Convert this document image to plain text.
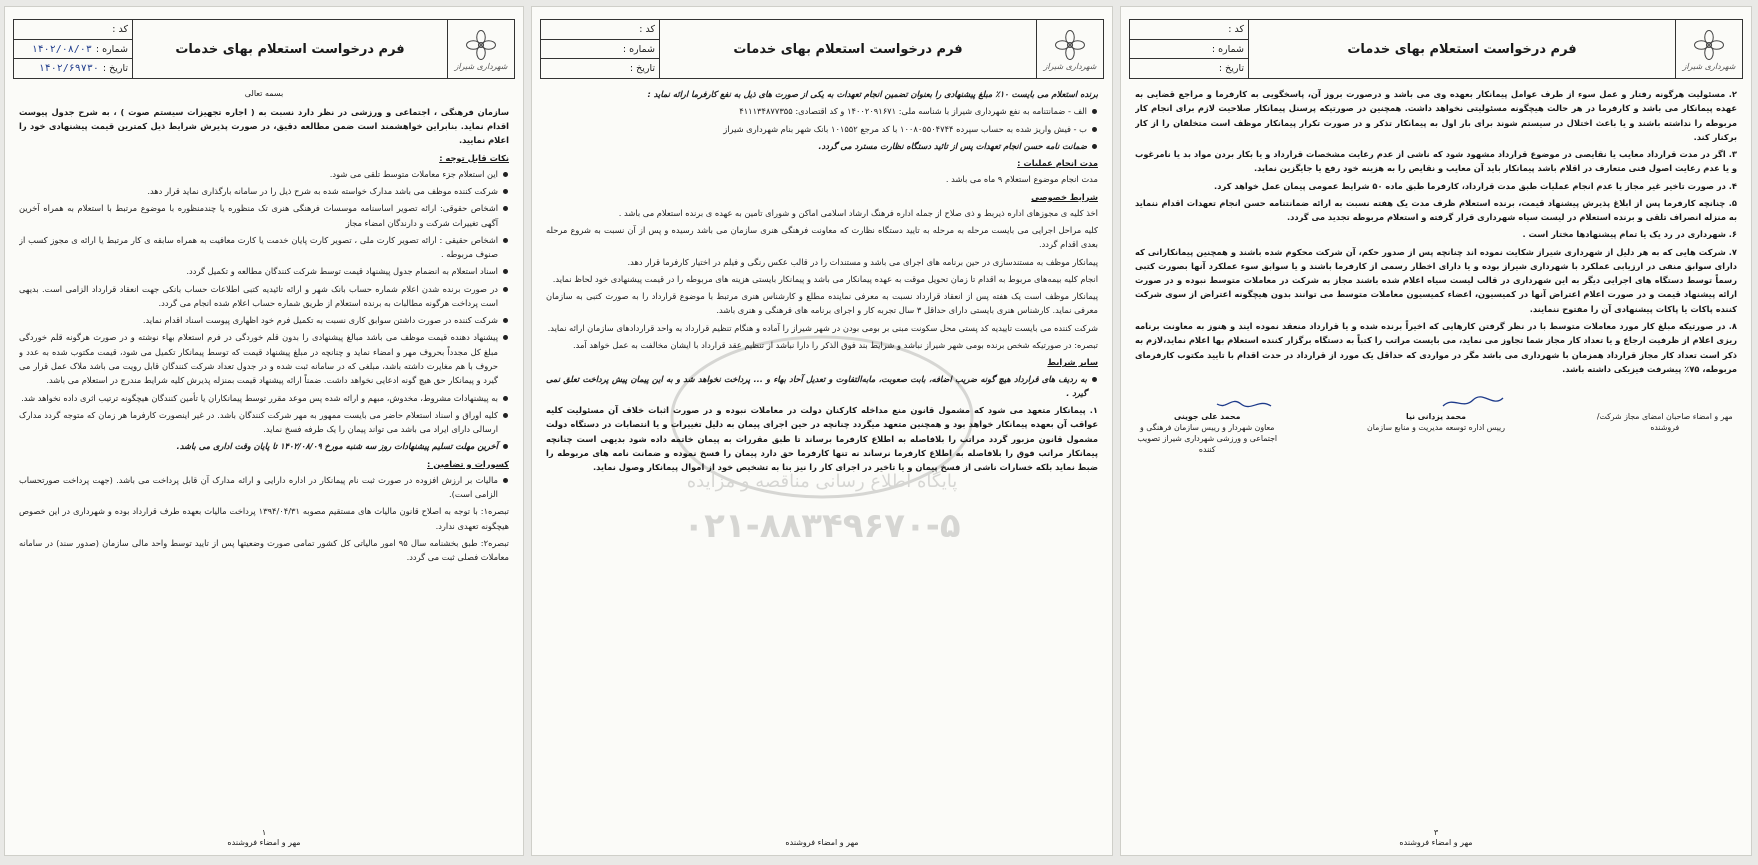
شهرداری شیراز
فرم درخواست استعلام بهای خدمات
کد :
شماره :
۱۴۰۲/۰۸/۰۳
تاریخ :
۱۴۰۲/۶۹۷۳۰
بسمه تعالی

سازمان فرهنگی ، اجتماعی و ورزشی در نظر دارد نسبت به ( اجاره تجهیزات سیستم صوت ) ، به شرح جدول پیوست اقدام نماید. بنابراین خواهشمند است ضمن مطالعه دقیق، در صورت پذیرش شرایط ذیل کمترین قیمت پیشنهادی خود را اعلام نمایید.

نکات قابل توجه :
این استعلام جزء معاملات متوسط تلقی می شود.
شرکت کننده موظف می باشد مدارک خواسته شده به شرح ذیل را در سامانه بارگذاری نماید قرار دهد.
اشخاص حقوقی: ارائه تصویر اساسنامه موسسات فرهنگی هنری تک منظوره یا چندمنظوره با موضوع مرتبط با استعلام به همراه آخرین آگهی تغییرات شرکت و دارندگان امضاء مجاز
اشخاص حقیقی : ارائه تصویر کارت ملی ، تصویر کارت پایان خدمت یا کارت معافیت به همراه سابقه ی کار مرتبط یا ارائه ی مجوز کسب از صنوف مربوطه .
اسناد استعلام به انضمام جدول پیشنهاد قیمت توسط شرکت کنندگان مطالعه و تکمیل گردد.
در صورت برنده شدن اعلام شماره حساب بانک شهر و ارائه تائیدیه کتبی اطلاعات حساب بانکی جهت انعقاد قرارداد الزامی است. بدیهی است پرداخت هرگونه مطالبات به برنده استعلام از طریق شماره حساب اعلام شده انجام می گردد.
شرکت کننده در صورت داشتن سوابق کاری نسبت به تکمیل فرم خود اظهاری پیوست اسناد اقدام نماید.
پیشنهاد دهنده قیمت موظف می باشد مبالغ پیشنهادی را بدون قلم خوردگی در فرم استعلام بهاء نوشته و در صورت هرگونه قلم خوردگی مبلغ کل مجدداً بحروف مهر و امضاء نماید و چنانچه در مبلغ پیشنهاد قیمت که توسط پیمانکار تکمیل می شود، قیمت مکتوب شده به عدد و حروف با هم مغایرت داشته باشد، مبلغی که در سامانه ثبت شده و در جدول تعداد شرکت کنندگان قابل رویت می باشد ملاک عمل قرار می گیرد و پیمانکار حق هیچ گونه ادعایی نخواهد داشت. ضمناً ارائه پیشنهاد قیمت بمنزله پذیرش کلیه شرایط مندرج در استعلام می باشد.
به پیشنهادات مشروط، مخدوش، مبهم و ارائه شده پس موعد مقرر توسط پیمانکاران یا تأمین کنندگان هیچگونه ترتیب اثری داده نخواهد شد.
کلیه اوراق و اسناد استعلام حاضر می بایست ممهور به مهر شرکت کنندگان باشد. در غیر اینصورت کارفرما هر زمان که متوجه گردد مدارک ارسالی دارای ایراد می باشد می تواند پیمان را یک طرفه فسخ نماید.
آخرین مهلت تسلیم پیشنهادات روز سه شنبه مورخ ۱۴۰۲/۰۸/۰۹ تا پایان وقت اداری می باشد.
کسورات و تضامین :
مالیات بر ارزش افزوده در صورت ثبت نام پیمانکار در اداره دارایی و ارائه مدارک آن قابل پرداخت می باشد. (جهت پرداخت صورتحساب الزامی است).

تبصره۱: با توجه به اصلاح قانون مالیات های مستقیم مصوبه ۱۳۹۴/۰۴/۳۱ پرداخت مالیات بعهده طرف قرارداد بوده و شهرداری در این خصوص هیچگونه تعهدی ندارد.

تبصره۲: طبق بخشنامه سال ۹۵ امور مالیاتی کل کشور تمامی صورت وضعیتها پس از تایید توسط واحد مالی سازمان (صدور سند) در سامانه معاملات فصلی ثبت می گردد.

۱
مهر و امضاء فروشنده
شهرداری شیراز
فرم درخواست استعلام بهای خدمات
کد :
شماره :
تاریخ :
۰۲۱-۸۸۳۴۹۶۷۰-۵
پایگاه اطلاع رسانی مناقصه و مزایده

برنده استعلام می بایست ۱۰٪ مبلغ پیشنهادی را بعنوان تضمین انجام تعهدات به یکی از صورت های ذیل به نفع کارفرما ارائه نماید :

الف - ضمانتنامه به نفع شهرداری شیراز با شناسه ملی: ۱۴۰۰۲۰۹۱۶۷۱ و کد اقتصادی: ۴۱۱۱۳۴۸۷۷۳۵۵
ب - فیش واریز شده به حساب سپرده ۱۰۰۸۰۵۵۰۴۷۴۴ با کد مرجع ۱۰۱۵۵۲ بانک شهر بنام شهرداری شیراز
ضمانت نامه حسن انجام تعهدات پس از تائید دستگاه نظارت مسترد می گردد.
مدت انجام عملیات :

مدت انجام موضوع استعلام ۹ ماه می باشد .

شرایط خصوصی

اخذ کلیه ی مجوزهای اداره ذیربط و ذی صلاح از جمله اداره فرهنگ ارشاد اسلامی اماکن و شورای تامین به عهده ی برنده استعلام می باشد .

کلیه مراحل اجرایی می بایست مرحله به مرحله به تایید دستگاه نظارت که معاونت فرهنگی هنری سازمان می باشد رسیده و پس از آن نسبت به شروع مرحله بعدی اقدام گردد.

پیمانکار موظف به مستندسازی در حین برنامه های اجرای می باشد و مستندات را در قالب عکس رنگی و فیلم در اختیار کارفرما قرار دهد.

انجام کلیه بیمه‌های مربوط به اقدام تا زمان تحویل موقت به عهده پیمانکار می باشد و پیمانکار بایستی هزینه های مربوطه را در قیمت پیشنهادی خود لحاظ نماید.

پیمانکار موظف است یک هفته پس از انعقاد قرارداد نسبت به معرفی نماینده مطلع و کارشناس هنری مرتبط با موضوع قرارداد را به صورت کتبی به سازمان معرفی نماید. کارشناس هنری بایستی دارای حداقل ۳ سال تجربه کار و اجرای برنامه های فرهنگی و هنری باشد.

شرکت کننده می بایست تاییدیه کد پستی محل سکونت مبنی بر بومی بودن در شهر شیراز را آماده و هنگام تنظیم قرارداد به واحد قراردادهای سازمان ارائه نماید.

تبصره: در صورتیکه شخص برنده بومی شهر شیراز نباشد و شرایط بند فوق الذکر را دارا نباشد از تنظیم عقد قرارداد با ایشان مخالفت به عمل خواهد آمد.

سایر شرایط
به ردیف های قرارداد هیچ گونه ضریب اضافه، بابت صعوبت، مابه‌التفاوت و تعدیل آحاد بهاء و ... پرداخت نخواهد شد و به این پیمان پیش پرداخت تعلق نمی گیرد .

۱. پیمانکار متعهد می شود که مشمول قانون منع مداخله کارکنان دولت در معاملات نبوده و در صورت اثبات خلاف آن مسئولیت کلیه عواقب آن بعهده پیمانکار خواهد بود و همچنین متعهد میگردد چنانچه در حین اجرای پیمان به دلیل تغییرات و یا انتصابات در دستگاه دولت مشمول قانون مزبور گردد مراتب را بلافاصله به اطلاع کارفرما برساند تا طبق مقررات به پیمان خاتمه داده شود بدیهی است چنانچه پیمانکار مراتب فوق را بلافاصله به اطلاع کارفرما نرساند نه تنها کارفرما حق دارد پیمان را فسخ نموده و ضمانت نامه های مربوطه را ضبط نماید بلکه خسارات ناشی از فسخ پیمان و یا تاخیر در اجرای کار را نیز بنا به تشخیص خود از اموال پیمانکار وصول نماید.

مهر و امضاء فروشنده
شهرداری شیراز
فرم درخواست استعلام بهای خدمات
کد :
شماره :
تاریخ :

۲. مسئولیت هرگونه رفتار و عمل سوء از طرف عوامل پیمانکار بعهده وی می باشد و درصورت بروز آن، پاسخگویی به کارفرما و مراجع قضایی به عهده پیمانکار می باشد و کارفرما در هر حالت هیچگونه مسئولیتی نخواهد داشت. همچنین در صورتیکه پرسنل پیمانکار صلاحیت لازم برای انجام کار مربوطه را نداشته باشند و یا باعث اختلال در سیستم شوند برای بار اول به پیمانکار تذکر و در صورت تکرار پیمانکار موظف است متخلفان را از کار برکنار کند.

۳. اگر در مدت قرارداد معایب یا نقایصی در موضوع قرارداد مشهود شود که ناشی از عدم رعایت مشخصات قرارداد و یا بکار بردن مواد بد یا نامرغوب و یا عدم رعایت اصول فنی متعارف در اقلام باشد پیمانکار باید آن معایب و نقایص را به هزینه خود رفع یا جایگزین نماید.

۴. در صورت تاخیر غیر مجاز یا عدم انجام عملیات طبق مدت قرارداد، کارفرما طبق ماده ۵۰ شرایط عمومی پیمان عمل خواهد کرد.

۵. چنانچه کارفرما پس از ابلاغ پذیرش پیشنهاد قیمت، برنده استعلام ظرف مدت یک هفته نسبت به ارائه ضمانتنامه حسن انجام تعهدات اقدام ننماید به منزله انصراف تلقی و برنده استعلام در لیست سیاه شهرداری قرار گرفته و استعلام مربوطه تجدید می گردد.

۶. شهرداری در رد یک یا تمام پیشنهادها مختار است .

۷. شرکت هایی که به هر دلیل از شهرداری شیراز شکایت نموده اند چنانچه پس از صدور حکم، آن شرکت محکوم شده باشند و همچنین پیمانکارانی که دارای سوابق منفی در ارزیابی عملکرد با شهرداری شیراز بوده و یا دارای اخطار رسمی از کارفرما باشند و یا سوابق سوء عملکرد آنها بصورت کتبی رسماً توسط دستگاه های اجرایی دیگر به این شهرداری در قالب لیست سیاه اعلام شده باشند مجاز به شرکت در معاملات متوسط نبوده و در صورت ارائه پیشنهاد قیمت و در صورت اعلام اعتراض آنها در کمیسیون، اعضاء کمیسیون معاملات متوسط می توانند بدون هیچگونه اعتراض از سوی شرکت کننده پاکات یا پاکات پیشنهادی آن را مفتوح ننمایند.

۸. در صورتیکه مبلغ کار مورد معاملات متوسط با در نظر گرفتن کارهایی که اخیراً برنده شده و یا قرارداد منعقد نموده ایند و هنوز به معاونت برنامه ریزی اعلام از ظرفیت ارجاع و یا تعداد کار مجاز شما تجاوز می نماید، می بایست مراتب را کتباً به دستگاه برگزار کننده استعلام بها اعلام نماید،لازم به ذکر است تعداد کار مجاز قرارداد همزمان با شهرداری می باشد مگر در مواردی که حداقل یک مورد از قرارداد در حدت اقدام با تایید مکتوب کارفرمای مربوطه، ۷۵٪ پیشرفت فیزیکی داشته باشد.

مهر و امضاء صاحبان امضای مجاز شرکت/ فروشنده
محمد یزدانی نیا
رییس اداره توسعه مدیریت و منابع سازمان
محمد علی جوینی
معاون شهردار و رییس سازمان فرهنگی و اجتماعی و ورزشی شهرداری شیراز تصویب کننده
۳
مهر و امضاء فروشنده
